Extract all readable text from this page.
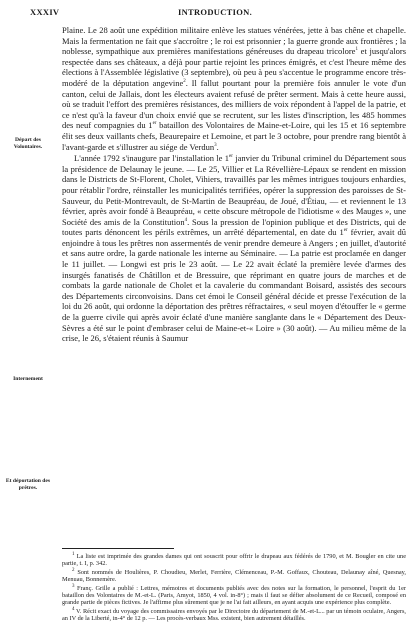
XXXIV	INTRODUCTION.
Départ des Volontaires.
Internement
Et déportation des prêtres.

Plaine. Le 28 août une expédition militaire enlève les statues vénérées, jette à bas chêne et chapelle. Mais la fermentation ne fait que s'accroître ; le roi est prisonnier ; la guerre gronde aux frontières ; la noblesse, sympathique aux premières manifestations généreuses du drapeau tricolore$^1$ et jusqu'alors respectée dans ses châteaux, a déjà pour partie rejoint les princes émigrés, et c'est l'heure même des élections à l'Assemblée législative (3 septembre), où peu à peu s'accentue le programme encore très-modéré de la députation angevine$^2$. Il fallut pourtant pour la première fois annuler le vote d'un canton, celui de Jallais, dont les électeurs avaient refusé de prêter serment. Mais à cette heure aussi, où se traduit l'effort des premières résistances, des milliers de voix répondent à l'appel de la patrie, et ce n'est qu'à la faveur d'un choix envié que se recrutent, sur les listes d'inscription, les 485 hommes des neuf compagnies du 1er bataillon des Volontaires de Maine-et-Loire, qui les 15 et 16 septembre élit ses deux vaillants chefs, Beaurepaire et Lemoine, et part le 3 octobre, pour prendre rang bientôt à l'avant-garde et s'illustrer au siége de Verdun$^3$.

L'année 1792 s'inaugure par l'installation le 1er janvier du Tribunal criminel du Département sous la présidence de Delaunay le jeune. — Le 25, Villier et La Révellière-Lépaux se rendent en mission dans le Districts de St-Florent, Cholet, Vihiers, travaillés par les mêmes intrigues toujours enhardies, pour rétablir l'ordre, réinstaller les municipalités terrifiées, opérer la suppression des paroisses de St-Sauveur, du Petit-Montrevault, de St-Martin de Beaupréau, de Joué, d'Étiau, — et reviennent le 13 février, après avoir fondé à Beaupréau, « cette obscure métropole de l'idiotisme « des Mauges », une Société des amis de la Constitution$^4$. Sous la pression de l'opinion publique et des Districts, qui de toutes parts dénoncent les périls extrêmes, un arrêté départemental, en date du 1er février, avait dû enjoindre à tous les prêtres non assermentés de venir prendre demeure à Angers ; en juillet, d'autorité et sans autre ordre, la garde nationale les interne au Séminaire. — La patrie est proclamée en danger le 11 juillet. — Longwi est pris le 23 août. — Le 22 avait éclaté la première levée d'armes des insurgés fanatisés de Châtillon et de Bressuire, que réprimant en quatre jours de marches et de combats la garde nationale de Cholet et la cavalerie du commandant Boisard, assistés des secours des Départements circonvoisins. Dans cet émoi le Conseil général décide et presse l'exécution de la loi du 26 août, qui ordonne la déportation des prêtres réfractaires, « seul moyen d'étouffer le « germe de la guerre civile qui après avoir éclaté d'une manière sanglante dans le « Département des Deux-Sèvres a été sur le point d'embraser celui de Maine-et-« Loire » (30 août). — Au milieu même de la crise, le 26, s'étaient réunis à Saumur

$^1$ La liste est imprimée des grandes dames qui ont souscrit pour offrir le drapeau aux fédérés de 1790, et M. Bougler en cite une partie, t. I, p. 342.

$^2$ Sont nommés de Houlières, P. Choudieu, Merlet, Ferrière, Clémenceau, P.-M. Goffaux, Chouteau, Delaunay aîné, Quesnay, Menuau, Bonnemère.

$^3$ Franç. Grille a publié : Lettres, mémoires et documents publiés avec des notes sur la formation, le personnel, l'esprit du 1er bataillon des Volontaires de M.-et-L. (Paris, Amyot, 1850, 4 vol. in-8°) ; mais il faut se défier absolument de ce Recueil, composé en grande partie de pièces fictives. Je l'affirme plus sûrement que je ne l'ai fait ailleurs, en ayant acquis une expérience plus complète.

$^4$ V. Récit exact du voyage des commissaires envoyés par le Directoire du département de M.-et-L... par un témoin oculaire, Angers, an IV de la Liberté, in-4° de 12 p. — Les procès-verbaux Mss. existent, bien autrement détaillés.
